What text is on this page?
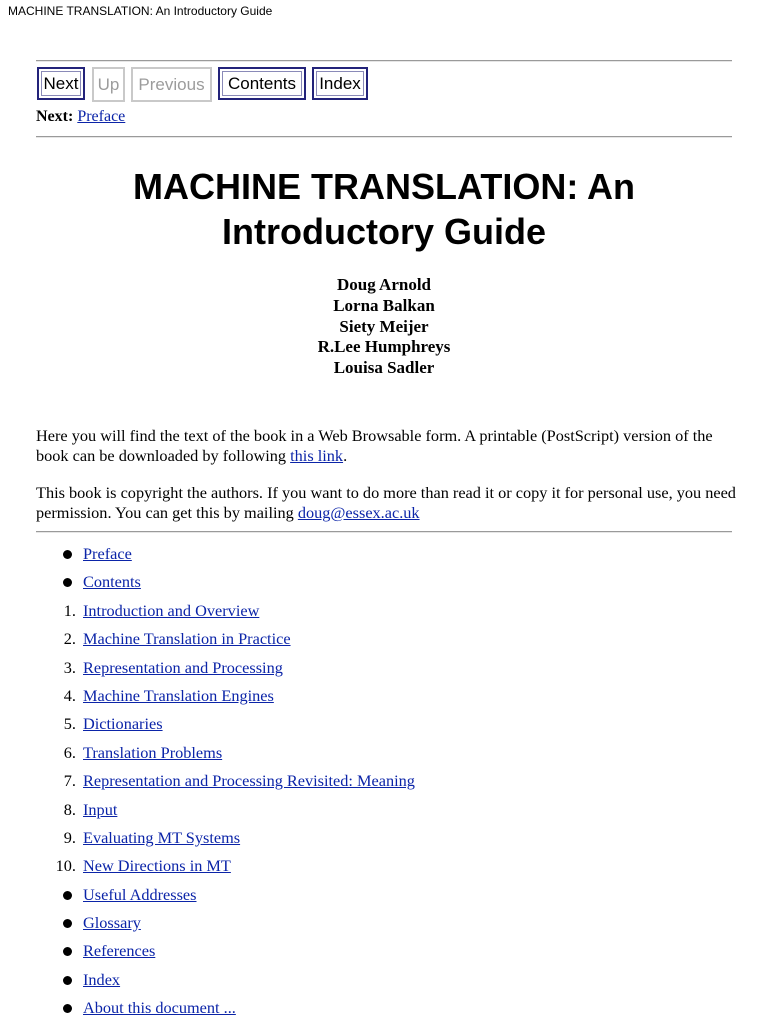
MACHINE TRANSLATION: An Introductory Guide
Next	Up	Previous	Contents	Index
Next: Preface
MACHINE TRANSLATION: An
Introductory Guide
Doug Arnold
Lorna Balkan
Siety Meijer
R.Lee Humphreys
Louisa Sadler
Here you will find the text of the book in a Web Browsable form. A printable (PostScript) version of the book can be downloaded by following this link.
This book is copyright the authors. If you want to do more than read it or copy it for personal use, you need permission. You can get this by mailing doug@essex.ac.uk
Preface
Contents
1. Introduction and Overview
2. Machine Translation in Practice
3. Representation and Processing
4. Machine Translation Engines
5. Dictionaries
6. Translation Problems
7. Representation and Processing Revisited: Meaning
8. Input
9. Evaluating MT Systems
10. New Directions in MT
Useful Addresses
Glossary
References
Index
About this document ...
